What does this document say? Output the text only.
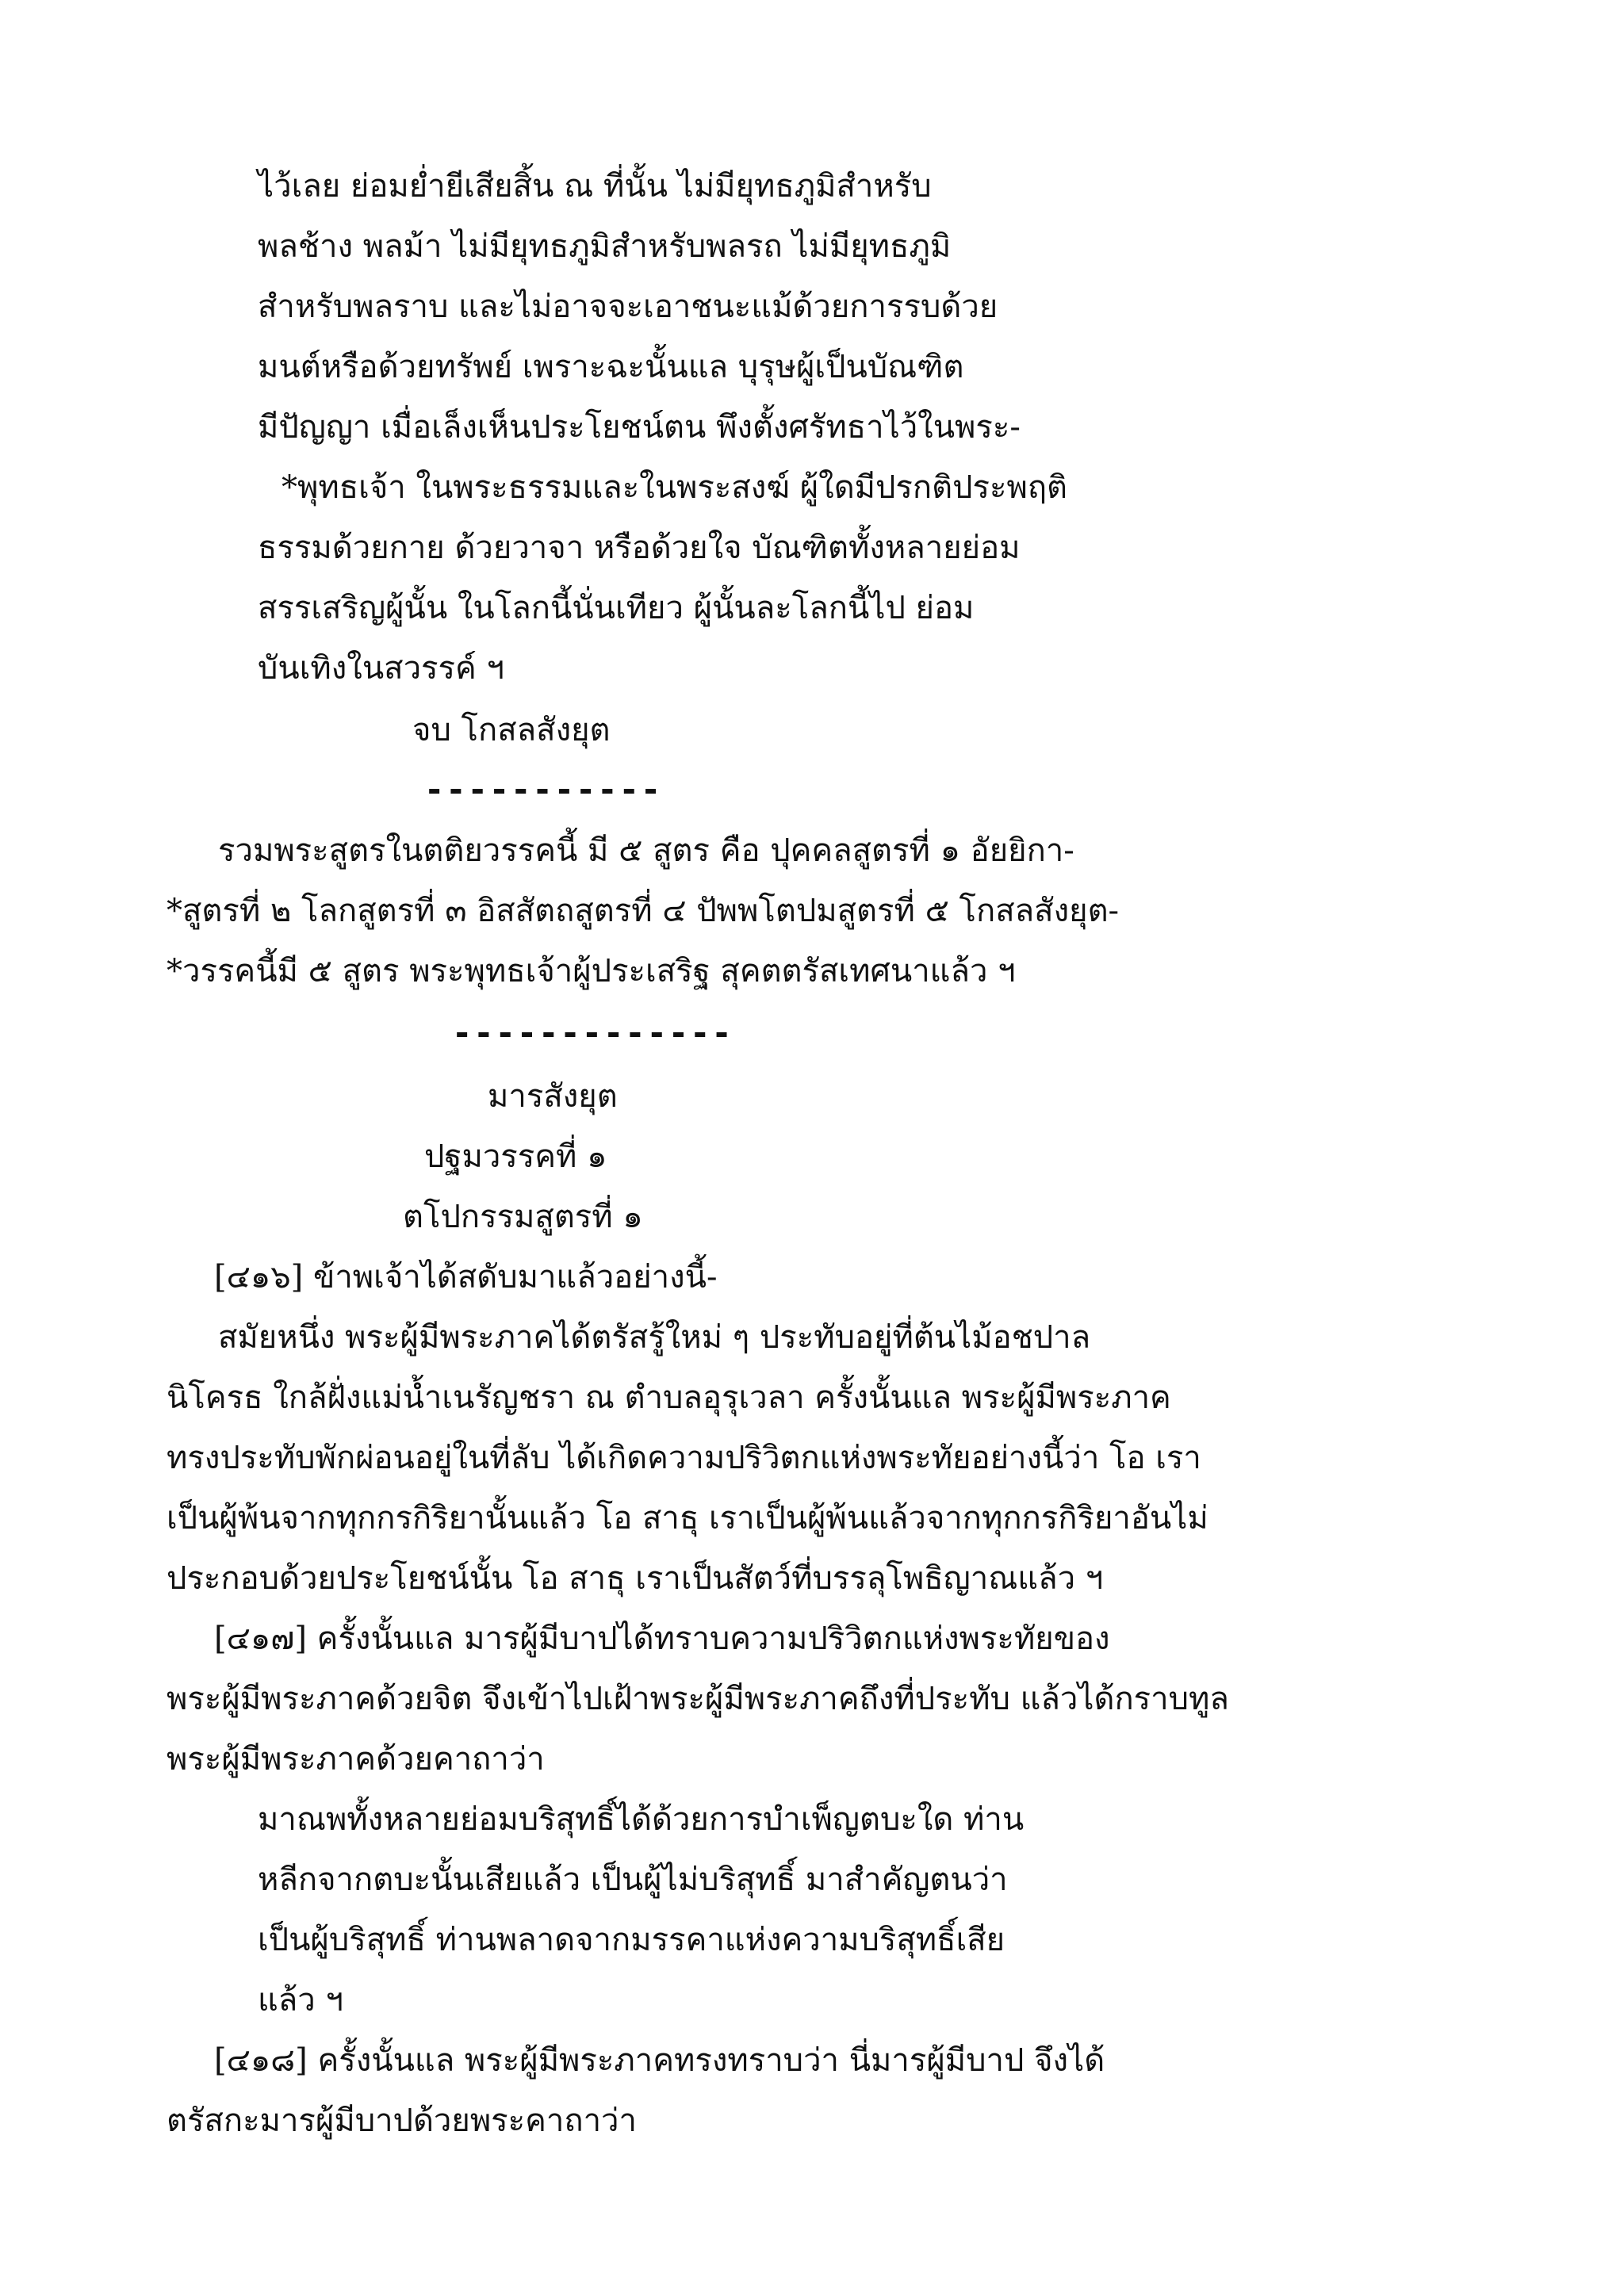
ไว้เลย ย่อมย่ำยีเสียสิ้น ณ ที่นั้น ไม่มียุทธภูมิสำหรับ
พลช้าง พลม้า ไม่มียุทธภูมิสำหรับพลรถ ไม่มียุทธภูมิ
สำหรับพลราบ และไม่อาจจะเอาชนะแม้ด้วยการรบด้วย
มนต์หรือด้วยทรัพย์ เพราะฉะนั้นแล บุรุษผู้เป็นบัณฑิต
มีปัญญา เมื่อเล็งเห็นประโยชน์ตน พึงตั้งศรัทธาไว้ในพระ-
*พุทธเจ้า ในพระธรรมและในพระสงฆ์ ผู้ใดมีปรกติประพฤติ
ธรรมด้วยกาย ด้วยวาจา หรือด้วยใจ บัณฑิตทั้งหลายย่อม
สรรเสริญผู้นั้น ในโลกนี้นั่นเทียว ผู้นั้นละโลกนี้ไป ย่อม
บันเทิงในสวรรค์ ฯ
จบ โกสลสังยุต
-----------
รวมพระสูตรในตติยวรรคนี้ มี ๕ สูตร คือ ปุคคลสูตรที่ ๑ อัยยิกา-
*สูตรที่ ๒ โลกสูตรที่ ๓ อิสสัตถสูตรที่ ๔ ปัพพโตปมสูตรที่ ๕ โกสลสังยุต-
*วรรคนี้มี ๕ สูตร พระพุทธเจ้าผู้ประเสริฐ สุคตตรัสเทศนาแล้ว ฯ
-------------
มารสังยุต
ปฐมวรรคที่ ๑
ตโปกรรมสูตรที่ ๑
[๔๑๖] ข้าพเจ้าได้สดับมาแล้วอย่างนี้-
สมัยหนึ่ง พระผู้มีพระภาคได้ตรัสรู้ใหม่ ๆ ประทับอยู่ที่ต้นไม้อชปาล
นิโครธ ใกล้ฝั่งแม่น้ำเนรัญชรา ณ ตำบลอุรุเวลา ครั้งนั้นแล พระผู้มีพระภาค
ทรงประทับพักผ่อนอยู่ในที่ลับ ได้เกิดความปริวิตกแห่งพระทัยอย่างนี้ว่า โอ เรา
เป็นผู้พ้นจากทุกกรกิริยานั้นแล้ว โอ สาธุ เราเป็นผู้พ้นแล้วจากทุกกรกิริยาอันไม่
ประกอบด้วยประโยชน์นั้น โอ สาธุ เราเป็นสัตว์ที่บรรลุโพธิญาณแล้ว ฯ
[๔๑๗] ครั้งนั้นแล มารผู้มีบาปได้ทราบความปริวิตกแห่งพระทัยของ
พระผู้มีพระภาคด้วยจิต จึงเข้าไปเฝ้าพระผู้มีพระภาคถึงที่ประทับ แล้วได้กราบทูล
พระผู้มีพระภาคด้วยคาถาว่า
มาณพทั้งหลายย่อมบริสุทธิ์ได้ด้วยการบำเพ็ญตบะใด ท่าน
หลีกจากตบะนั้นเสียแล้ว เป็นผู้ไม่บริสุทธิ์ มาสำคัญตนว่า
เป็นผู้บริสุทธิ์ ท่านพลาดจากมรรคาแห่งความบริสุทธิ์เสีย
แล้ว ฯ
[๔๑๘] ครั้งนั้นแล พระผู้มีพระภาคทรงทราบว่า นี่มารผู้มีบาป จึงได้
ตรัสกะมารผู้มีบาปด้วยพระคาถาว่า
